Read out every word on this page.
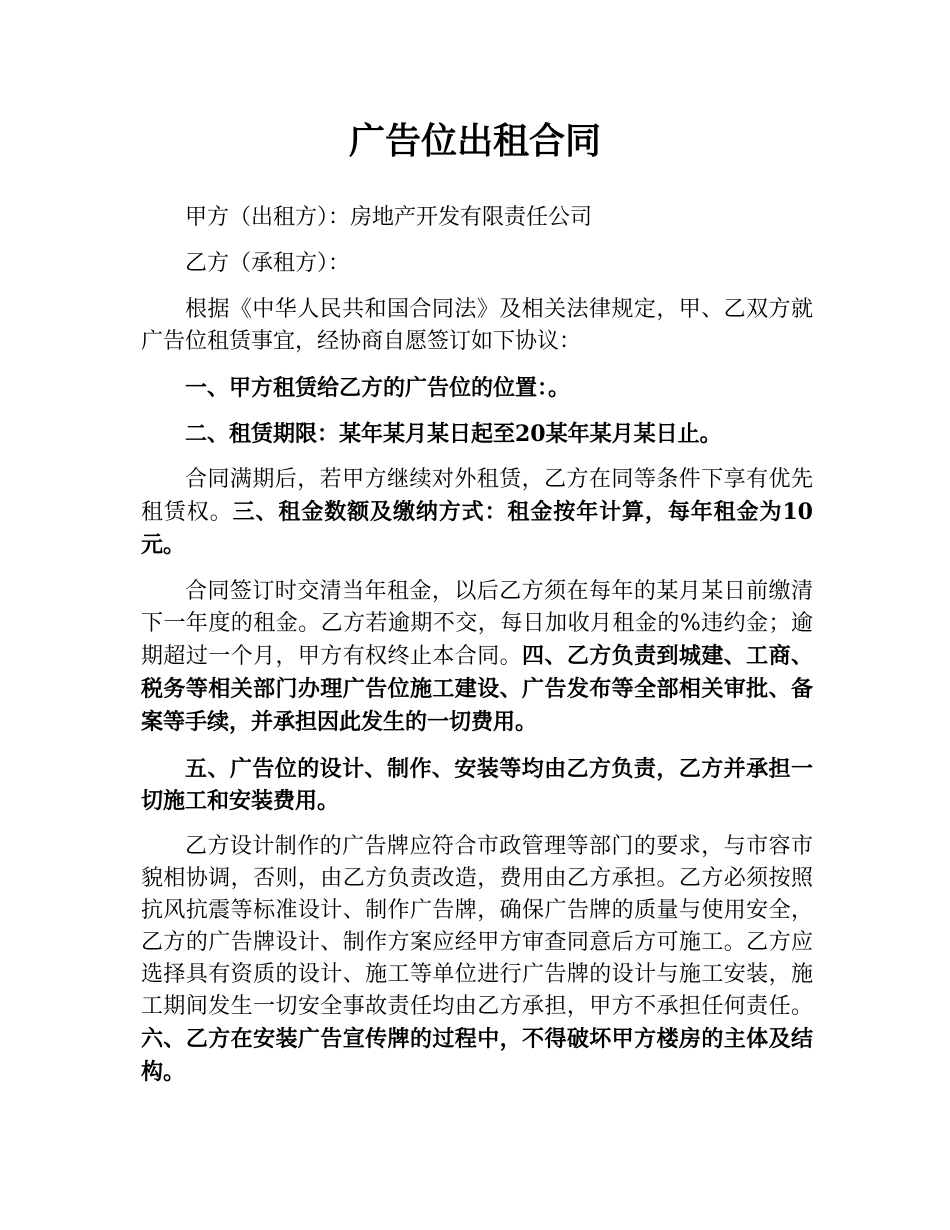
广告位出租合同

甲方（出租方）：房地产开发有限责任公司

乙方（承租方）：

根据《中华人民共和国合同法》及相关法律规定，甲、乙双方就广告位租赁事宜，经协商自愿签订如下协议：

一、甲方租赁给乙方的广告位的位置：。

二、租赁期限：某年某月某日起至20某年某月某日止。

合同满期后，若甲方继续对外租赁，乙方在同等条件下享有优先租赁权。三、租金数额及缴纳方式：租金按年计算，每年租金为10元。

合同签订时交清当年租金，以后乙方须在每年的某月某日前缴清下一年度的租金。乙方若逾期不交，每日加收月租金的%违约金；逾期超过一个月，甲方有权终止本合同。四、乙方负责到城建、工商、税务等相关部门办理广告位施工建设、广告发布等全部相关审批、备案等手续，并承担因此发生的一切费用。

五、广告位的设计、制作、安装等均由乙方负责，乙方并承担一切施工和安装费用。

乙方设计制作的广告牌应符合市政管理等部门的要求，与市容市貌相协调，否则，由乙方负责改造，费用由乙方承担。乙方必须按照抗风抗震等标准设计、制作广告牌，确保广告牌的质量与使用安全，乙方的广告牌设计、制作方案应经甲方审查同意后方可施工。乙方应选择具有资质的设计、施工等单位进行广告牌的设计与施工安装，施工期间发生一切安全事故责任均由乙方承担，甲方不承担任何责任。六、乙方在安装广告宣传牌的过程中，不得破坏甲方楼房的主体及结构。
